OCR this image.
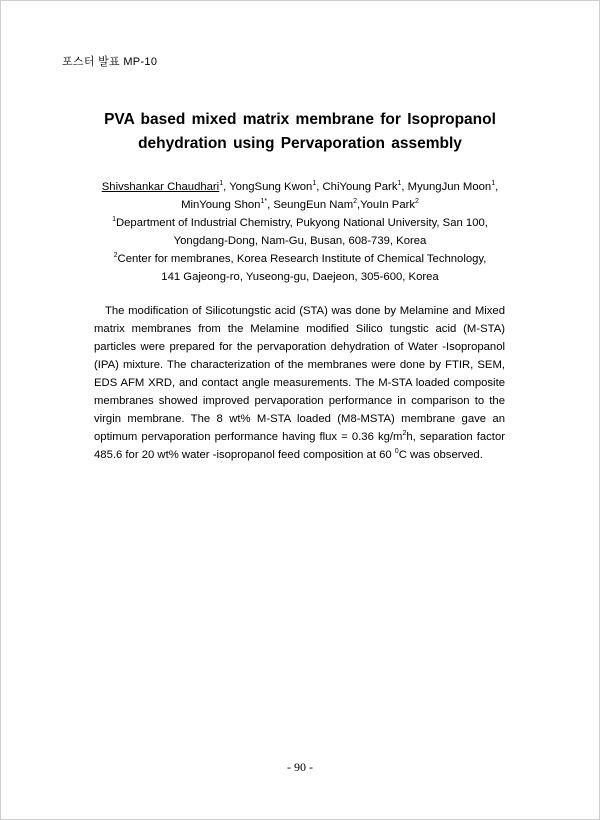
포스터 발표 MP-10
PVA based mixed matrix membrane for Isopropanol
dehydration using Pervaporation assembly
Shivshankar Chaudhari$^1$, YongSung Kwon$^1$, ChiYoung Park$^1$, MyungJun Moon$^1$,
MinYoung Shon$^{1*}$, SeungEun Nam$^2$,YouIn Park$^2$
$^1$Department of Industrial Chemistry, Pukyong National University, San 100,
Yongdang-Dong, Nam-Gu, Busan, 608-739, Korea
$^2$Center for membranes, Korea Research Institute of Chemical Technology,
141 Gajeong-ro, Yuseong-gu, Daejeon, 305-600, Korea

The modification of Silicotungstic acid (STA) was done by Melamine and Mixed matrix membranes from the Melamine modified Silico tungstic acid (M-STA) particles were prepared for the pervaporation dehydration of Water -Isopropanol (IPA) mixture. The characterization of the membranes were done by FTIR, SEM, EDS AFM XRD, and contact angle measurements. The M-STA loaded composite membranes showed improved pervaporation performance in comparison to the virgin membrane. The 8 wt% M-STA loaded (M8-MSTA) membrane gave an optimum pervaporation performance having flux = 0.36 $kg/m^2h$, separation factor 485.6 for 20 wt% water -isopropanol feed composition at 60 $^0$C was observed.

- 90 -
